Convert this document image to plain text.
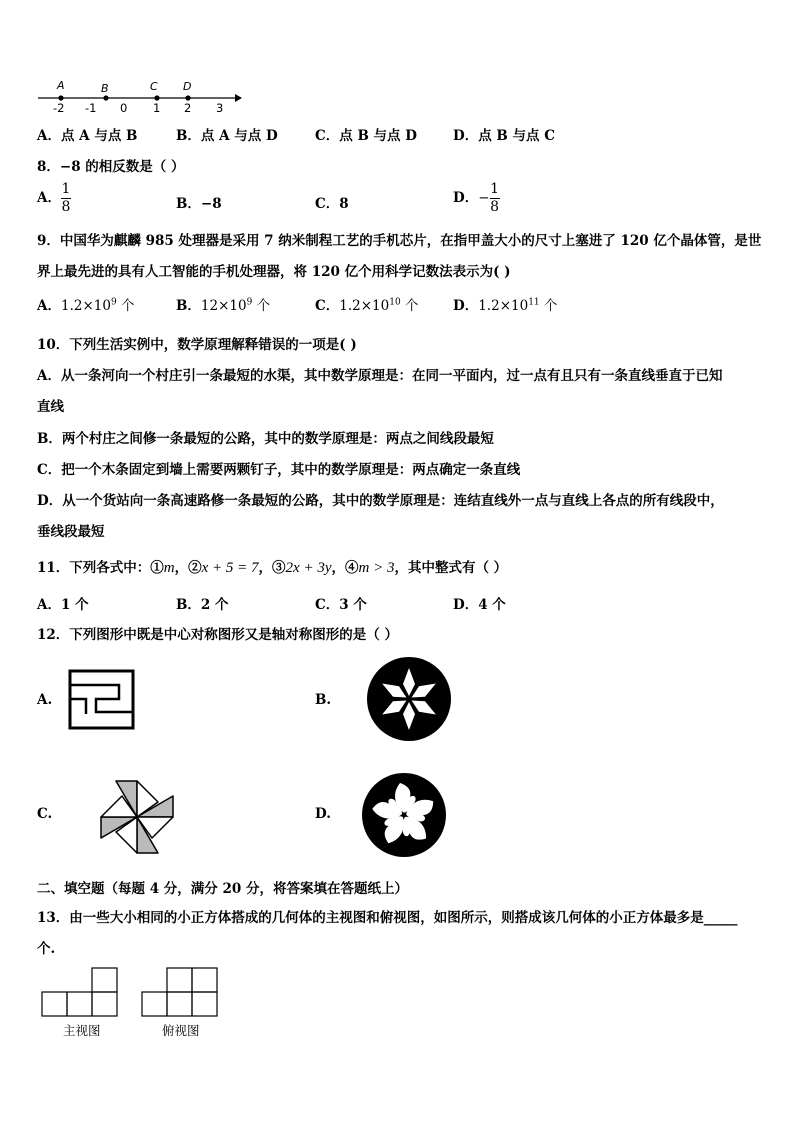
A	B	C D
-2 -1 0 1 2 3
A．点 A 与点 B	B．点 A 与点 D	C．点 B 与点 D	D．点 B 与点 C
8．−8 的相反数是（ ）
A． $\frac{1}{8}$	B．−8	C．8	D．− $\frac{1}{8}$
9．中国华为麒麟 985 处理器是采用 7 纳米制程工艺的手机芯片，在指甲盖大小的尺寸上塞进了 120 亿个晶体管，是世
界上最先进的具有人工智能的手机处理器，将 120 亿个用科学记数法表示为( )
A．$1.2\times 10^9$ 个	B．$12\times 10^9$ 个	C．$1.2\times 10^{10}$ 个	D．$1.2\times 10^{11}$ 个
10．下列生活实例中，数学原理解释错误的一项是( )
A．从一条河向一个村庄引一条最短的水渠，其中数学原理是：在同一平面内，过一点有且只有一条直线垂直于已知
直线
B．两个村庄之间修一条最短的公路，其中的数学原理是：两点之间线段最短
C．把一个木条固定到墙上需要两颗钉子，其中的数学原理是：两点确定一条直线
D．从一个货站向一条高速路修一条最短的公路，其中的数学原理是：连结直线外一点与直线上各点的所有线段中，
垂线段最短
11．下列各式中：①m，②x + 5 = 7，③2x + 3y，④m > 3，其中整式有（ ）
A．1 个	B．2 个	C．3 个	D．4 个
12．下列图形中既是中心对称图形又是轴对称图形的是（ ）
A.	B.
C.	D.
二、填空题（每题 4 分，满分 20 分，将答案填在答题纸上）
13．由一些大小相同的小正方体搭成的几何体的主视图和俯视图，如图所示，则搭成该几何体的小正方体最多是_____
个.
主视图	俯视图
